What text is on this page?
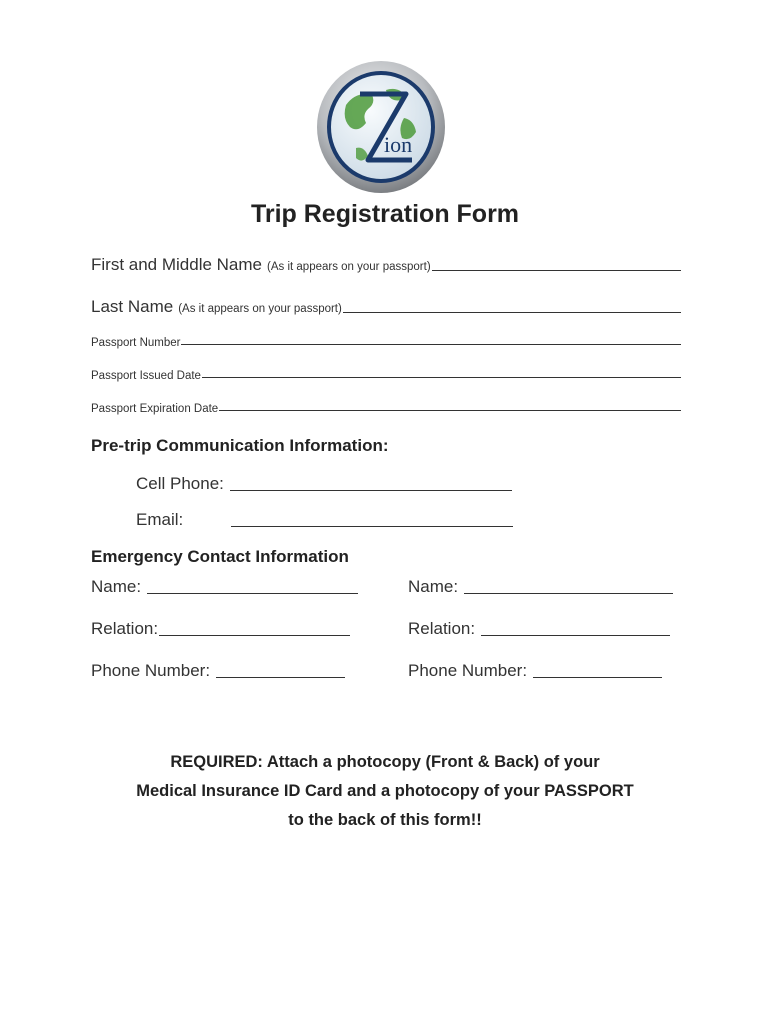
ion
Trip Registration Form
First and Middle Name (As it appears on your passport)
Last Name (As it appears on your passport)
Passport Number
Passport Issued Date
Passport Expiration Date
Pre-trip Communication Information:
Cell Phone:
Email:
Emergency Contact Information
Name:
Relation:
Phone Number:
Name:
Relation:
Phone Number:
REQUIRED: Attach a photocopy (Front & Back) of your
Medical Insurance ID Card and a photocopy of your PASSPORT
to the back of this form!!
